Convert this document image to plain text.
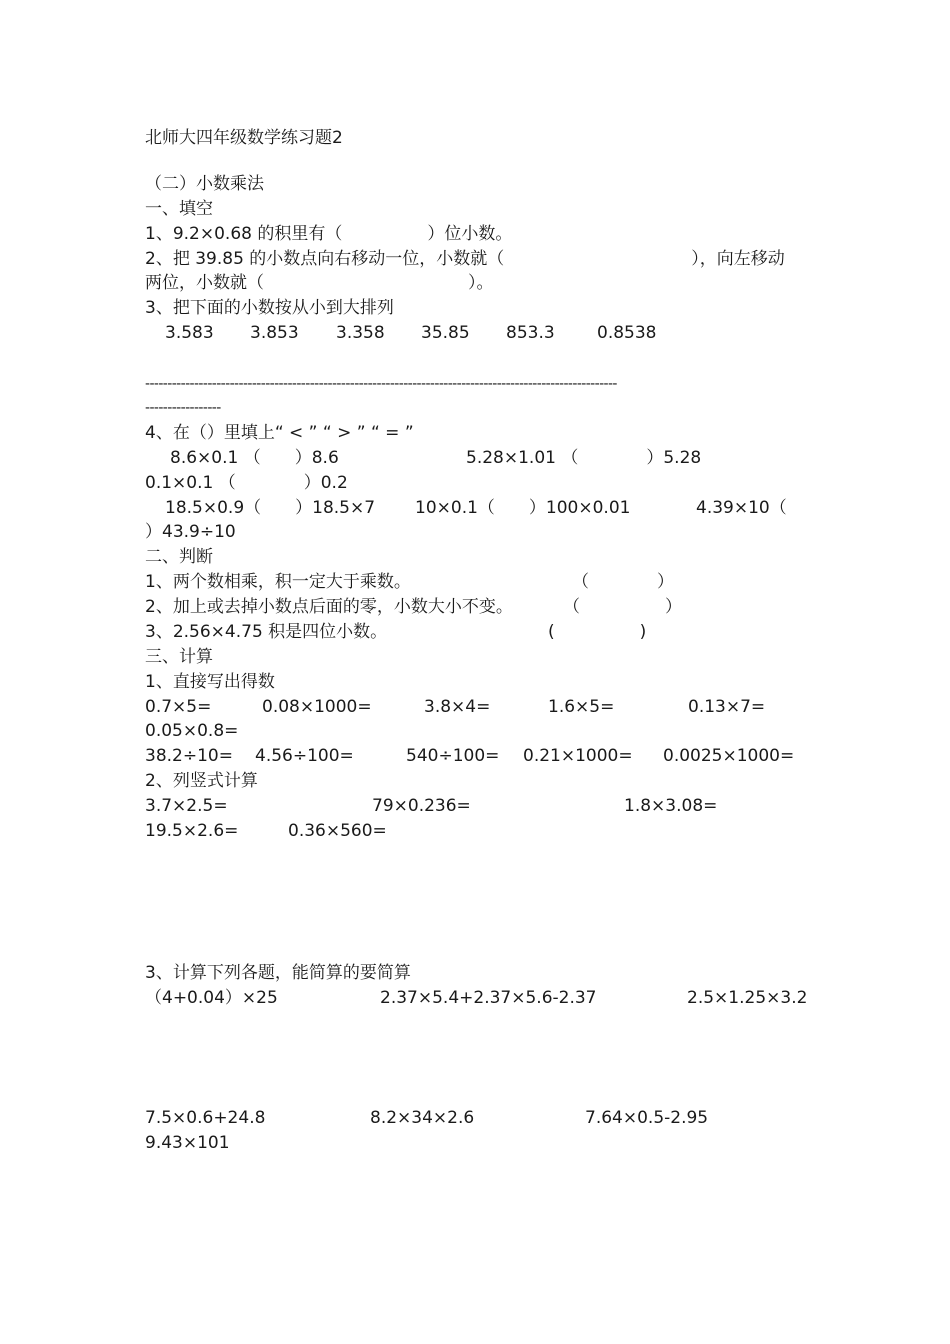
北师大四年级数学练习题2
（二）小数乘法
一、填空
1、9.2×0.68 的积里有（　　　　　）位小数。
2、把 39.85 的小数点向右移动一位，小数就（　　　　　　　　　　　），向左移动
两位，小数就（　　　　　　　　　　　　）。
3、把下面的小数按从小到大排列
3.583 3.853 3.358 35.85 853.3 0.8538
----------------------------------------------------------------------------------------------------------
-----------------
4、在（）里填上“ < ” “ > ” “ = ”
8.6×0.1 （　　）8.6	5.28×1.01 （　　　　）5.28
0.1×0.1 （　　　　）0.2
18.5×0.9（　　）18.5×7 10×0.1（　　）100×0.01	4.39×10（
）43.9÷10
二、判断
1、两个数相乘，积一定大于乘数。	（　　　　）
2、加上或去掉小数点后面的零，小数大小不变。	（　　　　　）
3、2.56×4.75 积是四位小数。	(　　　　　)
三、计算
1、直接写出得数
0.7×5=	0.08×1000=	3.8×4=	1.6×5=	0.13×7=
0.05×0.8=
38.2÷10= 4.56÷100=	540÷100= 0.21×1000= 0.0025×1000=
2、列竖式计算
3.7×2.5=	79×0.236=	1.8×3.08=
19.5×2.6=	0.36×560=
3、计算下列各题，能简算的要简算
（4+0.04）×25	2.37×5.4+2.37×5.6-2.37	2.5×1.25×3.2
7.5×0.6+24.8	8.2×34×2.6	7.64×0.5-2.95
9.43×101
